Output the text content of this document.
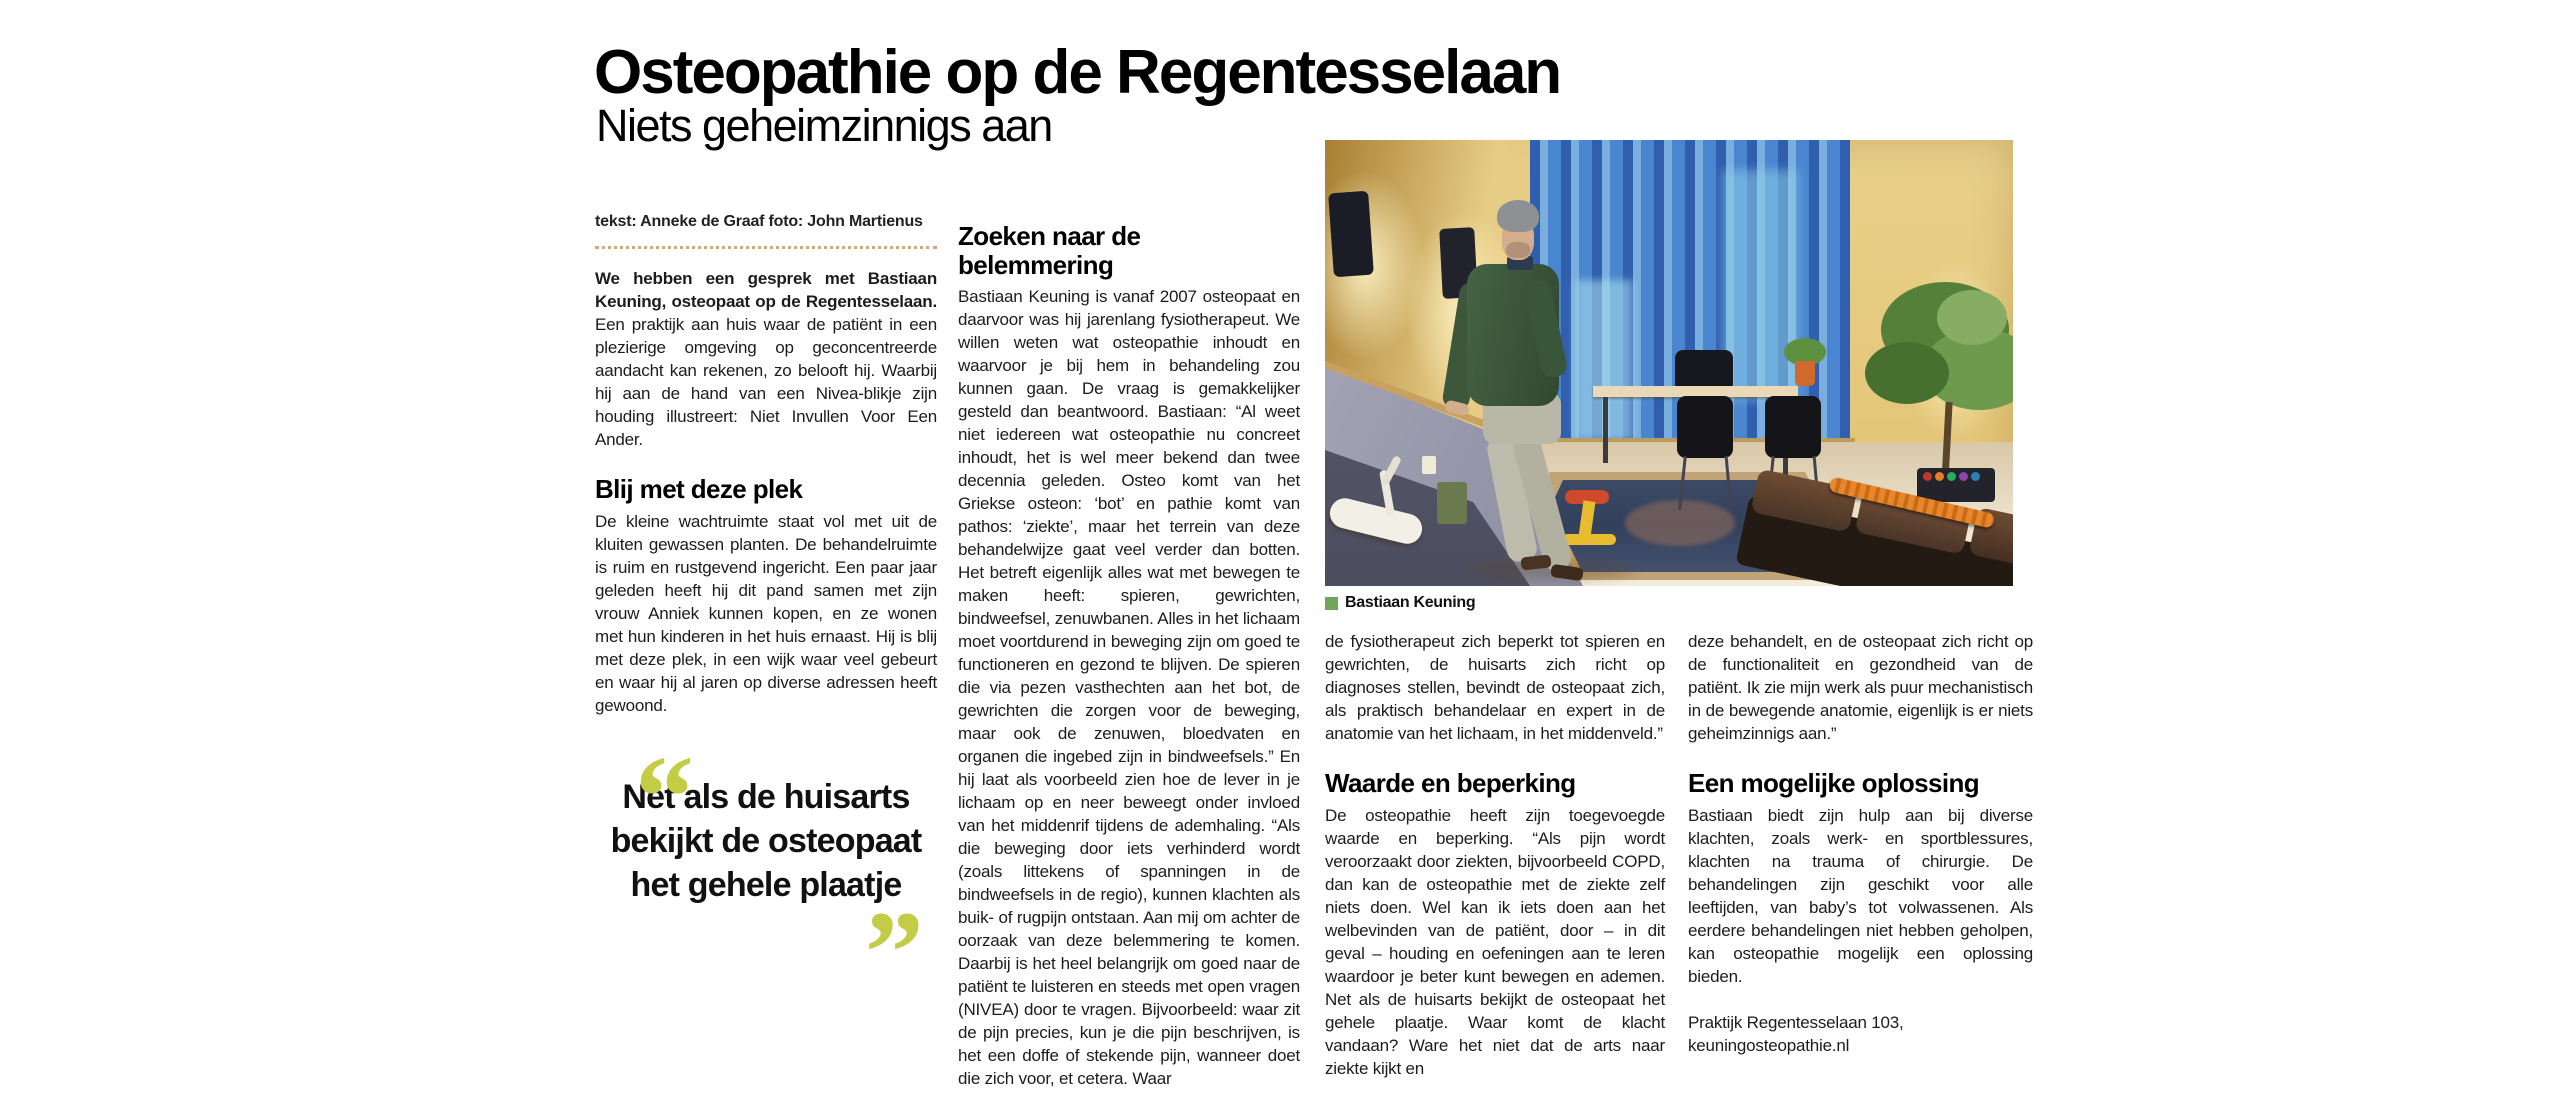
Osteopathie op de Regentesselaan
Niets geheimzinnigs aan
tekst: Anneke de Graaf foto: John Martienus

We hebben een gesprek met Bastiaan Keuning, osteopaat op de Regentesselaan. Een praktijk aan huis waar de patiënt in een plezierige omgeving op geconcentreerde aandacht kan rekenen, zo belooft hij. Waarbij hij aan de hand van een Nivea-blikje zijn houding illustreert: Niet Invullen Voor Een Ander.

Blij met deze plek

De kleine wachtruimte staat vol met uit de kluiten gewassen planten. De behandelruimte is ruim en rustgevend ingericht. Een paar jaar geleden heeft hij dit pand samen met zijn vrouw Anniek kunnen kopen, en ze wonen met hun kinderen in het huis ernaast. Hij is blij met deze plek, in een wijk waar veel gebeurt en waar hij al jaren op diverse adressen heeft gewoond.

“
Net als de huisarts bekijkt de osteopaat het gehele plaatje
”
Zoeken naar de belemmering

Bastiaan Keuning is vanaf 2007 osteopaat en daarvoor was hij jarenlang fysiotherapeut. We willen weten wat osteopathie inhoudt en waarvoor je bij hem in behandeling zou kunnen gaan. De vraag is gemakkelijker gesteld dan beantwoord. Bastiaan: “Al weet niet iedereen wat osteopathie nu concreet inhoudt, het is wel meer bekend dan twee decennia geleden. Osteo komt van het Griekse osteon: ‘bot’ en pathie komt van pathos: ‘ziekte’, maar het terrein van deze behandelwijze gaat veel verder dan botten. Het betreft eigenlijk alles wat met bewegen te maken heeft: spieren, gewrichten, bindweefsel, zenuwbanen. Alles in het lichaam moet voortdurend in beweging zijn om goed te functioneren en gezond te blijven. De spieren die via pezen vasthechten aan het bot, de gewrichten die zorgen voor de beweging, maar ook de zenuwen, bloedvaten en organen die ingebed zijn in bindweefsels.” En hij laat als voorbeeld zien hoe de lever in je lichaam op en neer beweegt onder invloed van het middenrif tijdens de ademhaling. “Als die beweging door iets verhinderd wordt (zoals littekens of spanningen in de bindweefsels in de regio), kunnen klachten als buik- of rugpijn ontstaan. Aan mij om achter de oorzaak van deze belemmering te komen. Daarbij is het heel belangrijk om goed naar de patiënt te luisteren en steeds met open vragen (NIVEA) door te vragen. Bijvoorbeeld: waar zit de pijn precies, kun je die pijn beschrijven, is het een doffe of stekende pijn, wanneer doet die zich voor, et cetera. Waar

Bastiaan Keuning

de fysiotherapeut zich beperkt tot spieren en gewrichten, de huisarts zich richt op diagnoses stellen, bevindt de osteopaat zich, als praktisch behandelaar en expert in de anatomie van het lichaam, in het middenveld.”

Waarde en beperking

De osteopathie heeft zijn toegevoegde waarde en beperking. “Als pijn wordt veroorzaakt door ziekten, bijvoorbeeld COPD, dan kan de osteopathie met de ziekte zelf niets doen. Wel kan ik iets doen aan het welbevinden van de patiënt, door – in dit geval – houding en oefeningen aan te leren waardoor je beter kunt bewegen en ademen. Net als de huisarts bekijkt de osteopaat het gehele plaatje. Waar komt de klacht vandaan? Ware het niet dat de arts naar ziekte kijkt en

deze behandelt, en de osteopaat zich richt op de functionaliteit en gezondheid van de patiënt. Ik zie mijn werk als puur mechanistisch in de bewegende anatomie, eigenlijk is er niets geheimzinnigs aan.”

Een mogelijke oplossing

Bastiaan biedt zijn hulp aan bij diverse klachten, zoals werk- en sportblessures, klachten na trauma of chirurgie. De behandelingen zijn geschikt voor alle leeftijden, van baby’s tot volwassenen. Als eerdere behandelingen niet hebben geholpen, kan osteopathie mogelijk een oplossing bieden.

Praktijk Regentesselaan 103,

keuningosteopathie.nl
